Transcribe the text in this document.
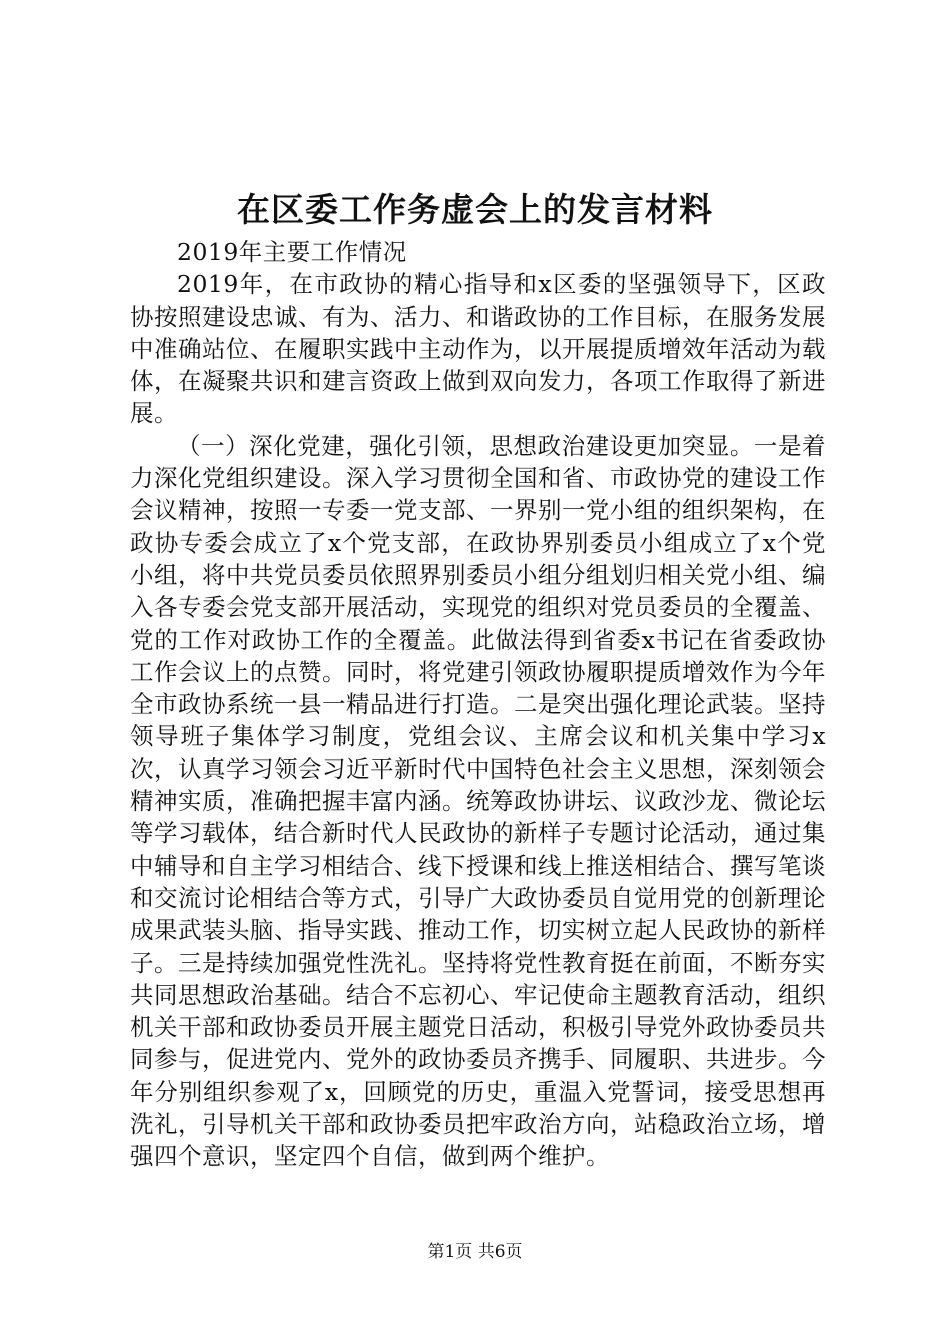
在区委工作务虚会上的发言材料

2019年主要工作情况

2019年，在市政协的精心指导和x区委的坚强领导下，区政协按照建设忠诚、有为、活力、和谐政协的工作目标，在服务发展中准确站位、在履职实践中主动作为，以开展提质增效年活动为载体，在凝聚共识和建言资政上做到双向发力，各项工作取得了新进展。

（一）深化党建，强化引领，思想政治建设更加突显。一是着力深化党组织建设。深入学习贯彻全国和省、市政协党的建设工作会议精神，按照一专委一党支部、一界别一党小组的组织架构，在政协专委会成立了x个党支部，在政协界别委员小组成立了x个党小组，将中共党员委员依照界别委员小组分组划归相关党小组、编入各专委会党支部开展活动，实现党的组织对党员委员的全覆盖、党的工作对政协工作的全覆盖。此做法得到省委x书记在省委政协工作会议上的点赞。同时，将党建引领政协履职提质增效作为今年全市政协系统一县一精品进行打造。二是突出强化理论武装。坚持领导班子集体学习制度，党组会议、主席会议和机关集中学习x次，认真学习领会习近平新时代中国特色社会主义思想，深刻领会精神实质，准确把握丰富内涵。统筹政协讲坛、议政沙龙、微论坛等学习载体，结合新时代人民政协的新样子专题讨论活动，通过集中辅导和自主学习相结合、线下授课和线上推送相结合、撰写笔谈和交流讨论相结合等方式，引导广大政协委员自觉用党的创新理论成果武装头脑、指导实践、推动工作，切实树立起人民政协的新样子。三是持续加强党性洗礼。坚持将党性教育挺在前面，不断夯实共同思想政治基础。结合不忘初心、牢记使命主题教育活动，组织机关干部和政协委员开展主题党日活动，积极引导党外政协委员共同参与，促进党内、党外的政协委员齐携手、同履职、共进步。今年分别组织参观了x，回顾党的历史，重温入党誓词，接受思想再洗礼，引导机关干部和政协委员把牢政治方向，站稳政治立场，增强四个意识，坚定四个自信，做到两个维护。

第1页 共6页
